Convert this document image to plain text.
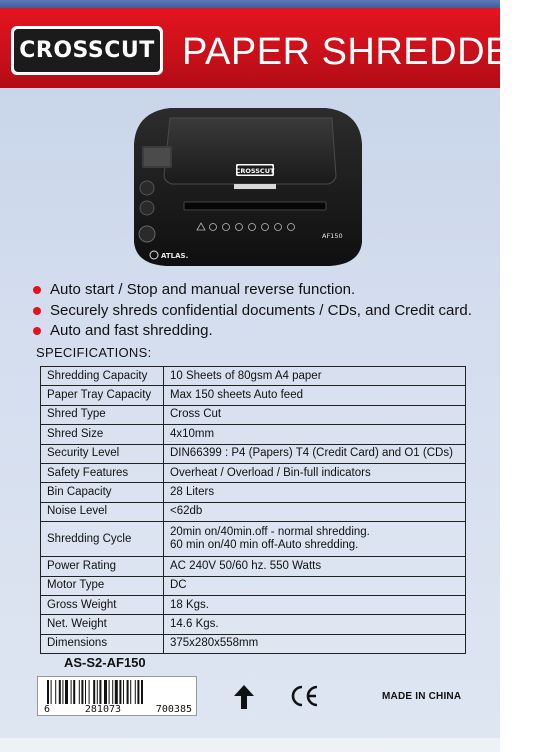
CROSSCUT PAPER SHREDDER
CROSSCUT
ATLAS.
AF150
Auto start / Stop and manual reverse function.
Securely shreds confidential documents / CDs, and Credit card.
Auto and fast shredding.
SPECIFICATIONS:
Shredding Capacity	10 Sheets of 80gsm A4 paper
Paper Tray Capacity	Max 150 sheets Auto feed
Shred Type	Cross Cut
Shred Size	4x10mm
Security Level	DIN66399 : P4 (Papers) T4 (Credit Card) and O1 (CDs)
Safety Features	Overheat / Overload / Bin-full indicators
Bin Capacity	28 Liters
Noise Level	<62db
Shredding Cycle	20min on/40min.off - normal shredding.
60 min on/40 min off-Auto shredding.

Power Rating	AC 240V 50/60 hz. 550 Watts
Motor Type	DC
Gross Weight	18 Kgs.
Net. Weight	14.6 Kgs.
Dimensions	375x280x558mm
AS-S2-AF150
6	281073	700385
MADE IN CHINA
